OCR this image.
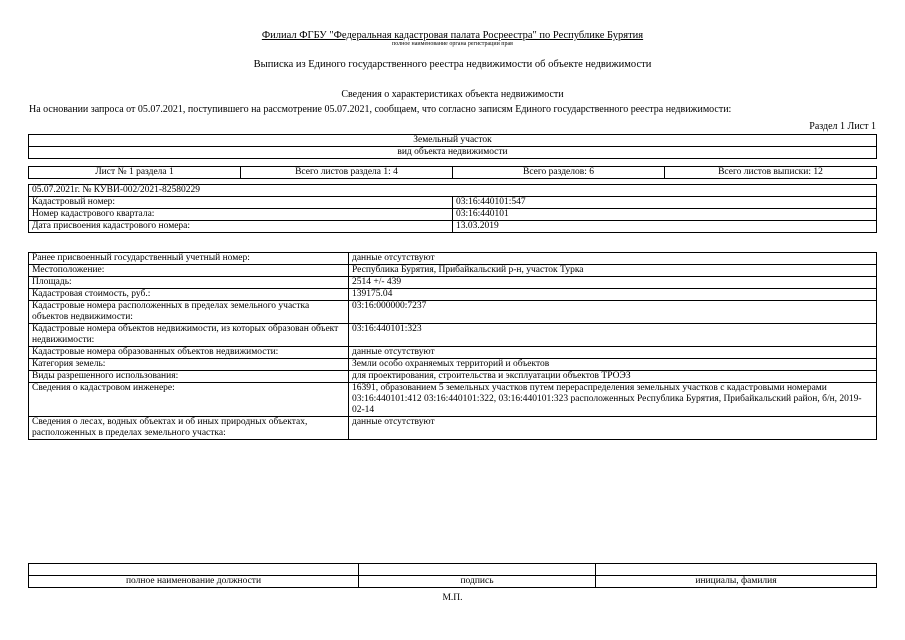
Филиал ФГБУ "Федеральная кадастровая палата Росреестра" по Республике Бурятия
полное наименование органа регистрации прав
Выписка из Единого государственного реестра недвижимости об объекте недвижимости
Сведения о характеристиках объекта недвижимости
На основании запроса от 05.07.2021, поступившего на рассмотрение 05.07.2021, сообщаем, что согласно записям Единого государственного реестра недвижимости:
Раздел 1 Лист 1
Земельный участок
вид объекта недвижимости
Лист № 1 раздела 1	Всего листов раздела 1: 4	Всего разделов: 6	Всего листов выписки: 12
05.07.2021г. № КУВИ-002/2021-82580229	
Кадастровый номер:	03:16:440101:547
Номер кадастрового квартала:	03:16:440101
Дата присвоения кадастрового номера:	13.03.2019
Ранее присвоенный государственный учетный номер:	данные отсутствуют
Местоположение:	Республика Бурятия, Прибайкальский р-н, участок Турка
Площадь:	2514 +/- 439
Кадастровая стоимость, руб.:	139175.04
Кадастровые номера расположенных в пределах земельного участка объектов недвижимости:	03:16:000000:7237
Кадастровые номера объектов недвижимости, из которых образован объект недвижимости:	03:16:440101:323
Кадастровые номера образованных объектов недвижимости:	данные отсутствуют
Категория земель:	Земли особо охраняемых территорий и объектов
Виды разрешенного использования:	для проектирования, строительства и эксплуатации объектов ТРОЭЗ
Сведения о кадастровом инженере:	16391, образованием 5 земельных участков путем перераспределения земельных участков с кадастровыми номерами 03:16:440101:412 03:16:440101:322, 03:16:440101:323 расположенных Республика Бурятия, Прибайкальский район, б/н, 2019-02-14
Сведения о лесах, водных объектах и об иных природных объектах, расположенных в пределах земельного участка:	данные отсутствуют

полное наименование должности	подпись	инициалы, фамилия
М.П.
